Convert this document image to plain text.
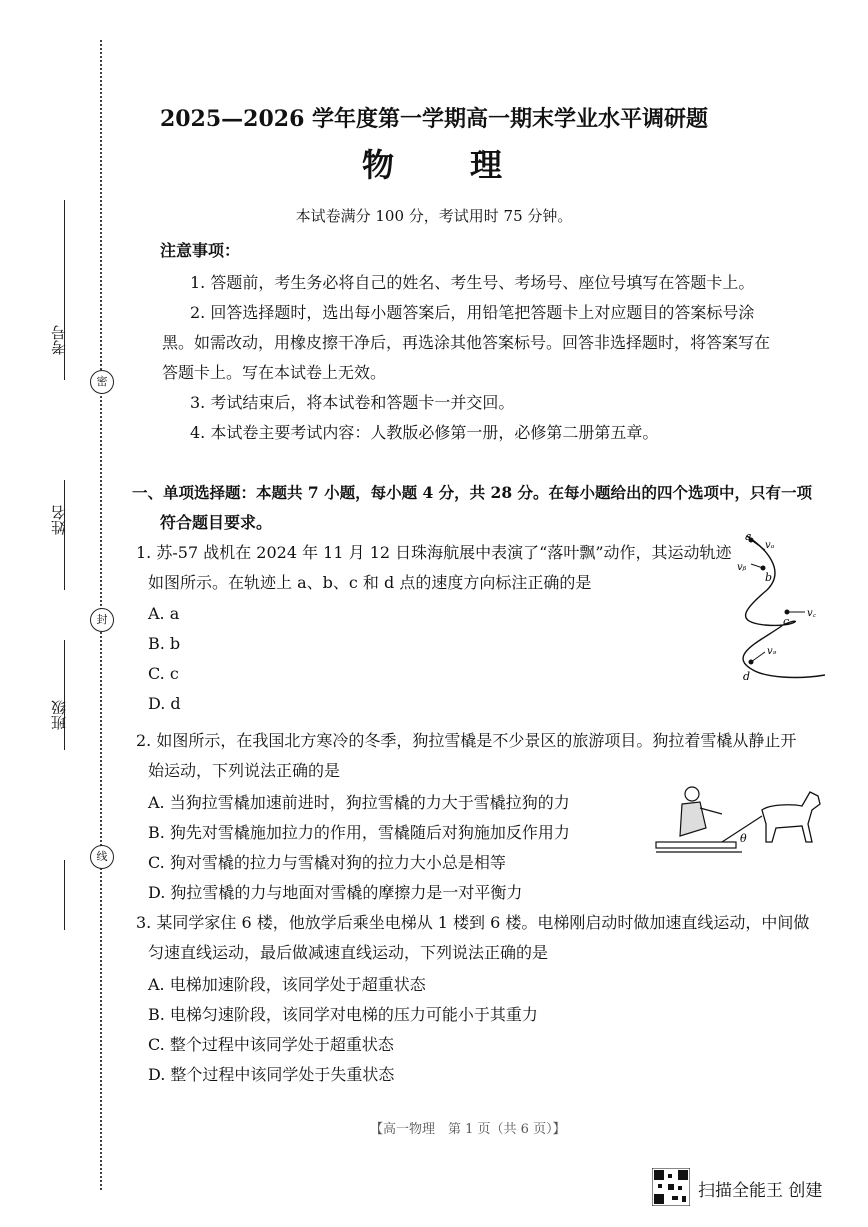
考号
姓名
班级
密
封
线
2025—2026 学年度第一学期高一期末学业水平调研题
物　　理
本试卷满分 100 分，考试用时 75 分钟。
注意事项：
1. 答题前，考生务必将自己的姓名、考生号、考场号、座位号填写在答题卡上。
2. 回答选择题时，选出每小题答案后，用铅笔把答题卡上对应题目的答案标号涂
黑。如需改动，用橡皮擦干净后，再选涂其他答案标号。回答非选择题时，将答案写在
答题卡上。写在本试卷上无效。
3. 考试结束后，将本试卷和答题卡一并交回。
4. 本试卷主要考试内容：人教版必修第一册，必修第二册第五章。
一、单项选择题：本题共 7 小题，每小题 4 分，共 28 分。在每小题给出的四个选项中，只有一项
符合题目要求。
1. 苏-57 战机在 2024 年 11 月 12 日珠海航展中表演了“落叶飘”动作，其运动轨迹
如图所示。在轨迹上 a、b、c 和 d 点的速度方向标注正确的是
A. a
B. b
C. c
D. d
a
vₐ
b
vᵦ
c
v꜀
d
vₔ
2. 如图所示，在我国北方寒冷的冬季，狗拉雪橇是不少景区的旅游项目。狗拉着雪橇从静止开
始运动，下列说法正确的是
A. 当狗拉雪橇加速前进时，狗拉雪橇的力大于雪橇拉狗的力
B. 狗先对雪橇施加拉力的作用，雪橇随后对狗施加反作用力
C. 狗对雪橇的拉力与雪橇对狗的拉力大小总是相等
D. 狗拉雪橇的力与地面对雪橇的摩擦力是一对平衡力
θ
3. 某同学家住 6 楼，他放学后乘坐电梯从 1 楼到 6 楼。电梯刚启动时做加速直线运动，中间做
匀速直线运动，最后做减速直线运动，下列说法正确的是
A. 电梯加速阶段，该同学处于超重状态
B. 电梯匀速阶段，该同学对电梯的压力可能小于其重力
C. 整个过程中该同学处于超重状态
D. 整个过程中该同学处于失重状态
【高一物理　第 1 页（共 6 页）】
扫描全能王 创建
